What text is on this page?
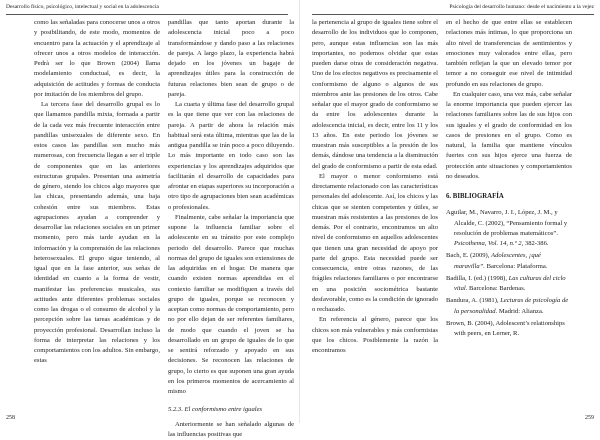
Desarrollo físico, psicológico, intelectual y social en la adolescencia

como las señaladas para conocerse unos a otros y posibilitando, de este modo, momentos de encuentro para la actuación y el aprendizaje al ofrecer unos a otros modelos de interacción. Pedrà ser lo que Brown (2004) llama modelamiento conductual, es decir, la adquisición de actitudes y formas de conducta por imitación de los miembros del grupo.

La tercera fase del desarrollo grupal es lo que llamamos pandilla mixta, formada a partir de la cada vez más frecuente interacción entre pandillas unisexuales de diferente sexo. En estos casos las pandillas son mucho más numerosas, con frecuencia llegan a ser el triple de componentes que en las anteriores estructuras grupales. Presentan una asimetría de género, siendo los chicos algo mayores que las chicas, presentando además, una baja cohesión entre sus miembros. Estas agrupaciones ayudan a comprender y desarrollar las relaciones sociales en un primer momento, pero más tarde ayudan en la información y la comprensión de las relaciones heterosexuales. El grupo sigue teniendo, al igual que en la fase anterior, sus señas de identidad en cuanto a la forma de vestir, manifestar las preferencias musicales, sus actitudes ante diferentes problemas sociales como las drogas o el consumo de alcohol y la percepción sobre las tareas académicas y de proyección profesional. Desarrollan incluso la forma de interpretar las relaciones y los comportamientos con los adultos. Sin embargo, estas

pandillas que tanto aportan durante la adolescencia inicial poco a poco transformándose y dando paso a las relaciones de pareja. A largo plazo, la experiencia habrá dejado en los jóvenes un bagaje de aprendizajes útiles para la construcción de futuras relaciones bien sean de grupo o de pareja.

La cuarta y última fase del desarrollo grupal es la que tiene que ver con las relaciones de pareja. A partir de ahora la relación más habitual será esta última, mientras que las de la antigua pandilla se irán poco a poco diluyendo. Lo más importante en todo caso son las experiencias y los aprendizajes adquiridos que facilitarán el desarrollo de capacidades para afrontar en etapas superiores su incorporación a otro tipo de agrupaciones bien sean académicas o profesionales.

Finalmente, cabe señalar la importancia que supone la influencia familiar sobre el adolescente en su tránsito por este complejo periodo del desarrollo. Parece que muchas normas del grupo de iguales son extensiones de las adquiridas en el hogar. De manera que cuando existen normas aprendidas en el contexto familiar se modifiquen a través del grupo de iguales, porque se reconocen y aceptan como normas de comportamiento, pero no por ello dejan de ser referentes familiares, de modo que cuando el joven se ha desarrollado en un grupo de iguales de lo que se sentirá reforzado y apoyado en sus decisiones. Se reconocen las relaciones de grupo, lo cierto es que suponen una gran ayuda en los primeros momentos de acercamiento al mismo

5.2.3. El conformismo entre iguales

Anteriormente se han señalado algunas de las influencias positivas que

258
Psicología del desarrollo humano: desde el nacimiento a la vejez

la pertenencia al grupo de iguales tiene sobre el desarrollo de los individuos que lo componen, pero, aunque estas influencias son las más importantes, no podemos olvidar que estas pueden darse otras de consideración negativa. Uno de los efectos negativos es precisamente el conformismo de alguno o algunos de sus miembros ante las presiones de los otros. Cabe señalar que el mayor grado de conformismo se da entre los adolescentes durante la adolescencia inicial, es decir, entre los 11 y los 13 años. En este periodo los jóvenes se muestran más susceptibles a la presión de los demás, dándose una tendencia a la disminución del grado de conformismo a partir de esta edad.

El mayor o menor conformismo está directamente relacionado con las características personales del adolescente. Así, los chicos y las chicas que se sienten competentes y útiles, se muestran más resistentes a las presiones de los demás. Por el contrario, encontramos un alto nivel de conformismo en aquellos adolescentes que tienen una gran necesidad de apoyo por parte del grupo. Esta necesidad puede ser consecuencia, entre otras razones, de las frágiles relaciones familiares o por encontrarse en una posición sociométrica bastante desfavorable, como es la condición de ignorado o rechazado.

En referencia al género, parece que los chicos son más vulnerables y más conformistas que los chicos. Posiblemente la razón la encontramos

en el hecho de que entre ellas se establecen relaciones más íntimas, lo que proporciona un alto nivel de transferencias de sentimientos y emociones muy valorados entre ellas, pero también reflejan la que un elevado temor por temor a no conseguir ese nivel de intimidad profundo en sus relaciones de grupo.

En cualquier caso, una vez más, cabe señalar la enorme importancia que pueden ejercer las relaciones familiares sobre las de sus hijos con sus iguales y el grado de conformidad en los casos de presiones en el grupo. Como es natural, la familia que mantiene vínculos fuertes con sus hijos ejerce una fuerza de protección ante situaciones y comportamientos no deseados.

6. BIBLIOGRAFÍA
Aguilar, M., Navarro, J. I., López, J. M., y Alcalde, C. (2002), “Pensamiento formal y resolución de problemas matemáticos”. Psicothema, Vol. 14, n.º 2, 382-386.
Bach, E. (2009), Adolescentes, ¡qué maravilla”. Barcelona: Plataforma.
Badilla, I. (ed.) (1998), Las culturas del ciclo vital. Barcelona: Bardenas.
Bandura, A. (1981), Lecturas de psicología de la personalidad. Madrid: Alianza.
Brown, B. (2004), Adolescent’s relationships with peers, en Lerner, R.
259
